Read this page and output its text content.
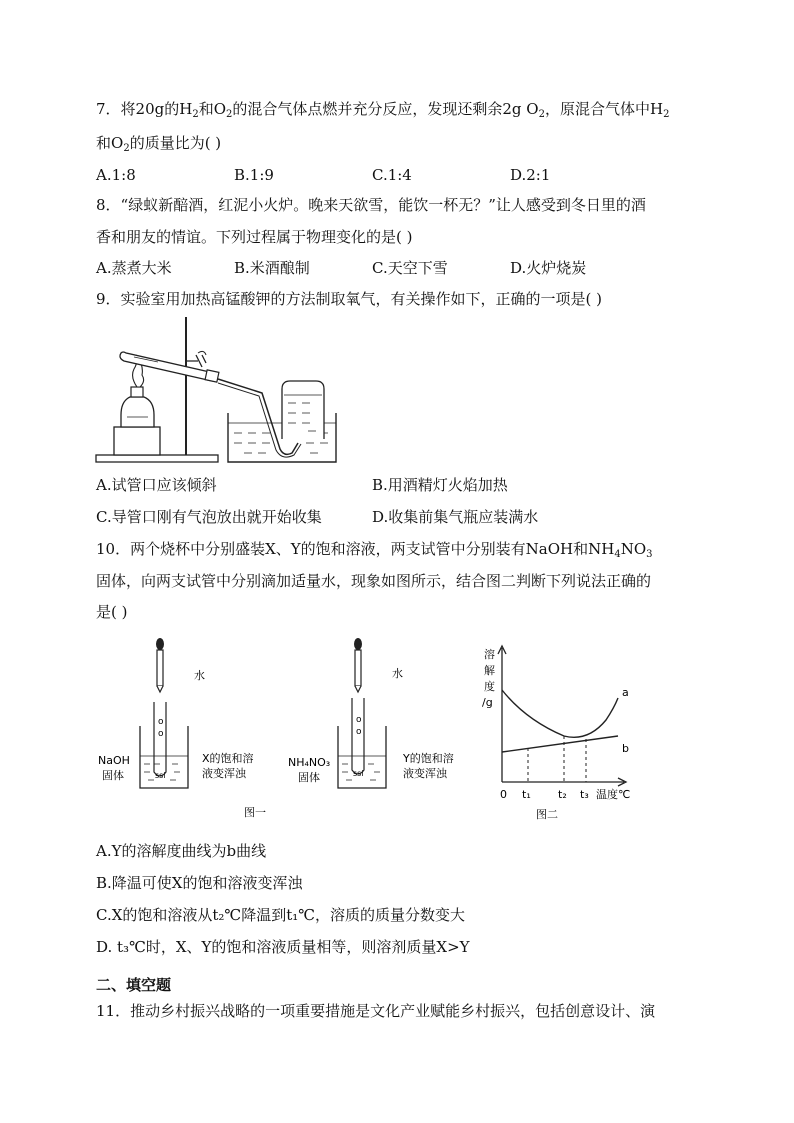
7．将20g的$H_2$和$O_2$的混合气体点燃并充分反应，发现还剩余2g $O_2$，原混合气体中$H_2$
和$O_2$的质量比为( )
A.1:8	B.1:9	C.1:4	D.2:1
8．“绿蚁新醅酒，红泥小火炉。晚来天欲雪，能饮一杯无？”让人感受到冬日里的酒
香和朋友的情谊。下列过程属于物理变化的是( )
A.蒸煮大米	B.米酒酿制	C.天空下雪	D.火炉烧炭
9．实验室用加热高锰酸钾的方法制取氧气，有关操作如下，正确的一项是( )
A.试管口应该倾斜	B.用酒精灯火焰加热
C.导管口刚有气泡放出就开始收集	D.收集前集气瓶应装满水
10．两个烧杯中分别盛装X、Y的饱和溶液，两支试管中分别装有NaOH和$NH_4NO_3$
固体，向两支试管中分别滴加适量水，现象如图所示，结合图二判断下列说法正确的
是( )
水
o
o
ssi
NaOH
固体
X的饱和溶
液变浑浊
水
o
o
ssi
NH₄NO₃
固体
Y的饱和溶
液变浑浊
图一
溶
解
度
/g
a
b
0 t₁ t₂ t₃ 温度℃
图二
A.Y的溶解度曲线为b曲线
B.降温可使X的饱和溶液变浑浊
C.X的饱和溶液从t₂℃降温到t₁℃，溶质的质量分数变大
D. t₃℃时，X、Y的饱和溶液质量相等，则溶剂质量X>Y
二、填空题
11．推动乡村振兴战略的一项重要措施是文化产业赋能乡村振兴，包括创意设计、演
